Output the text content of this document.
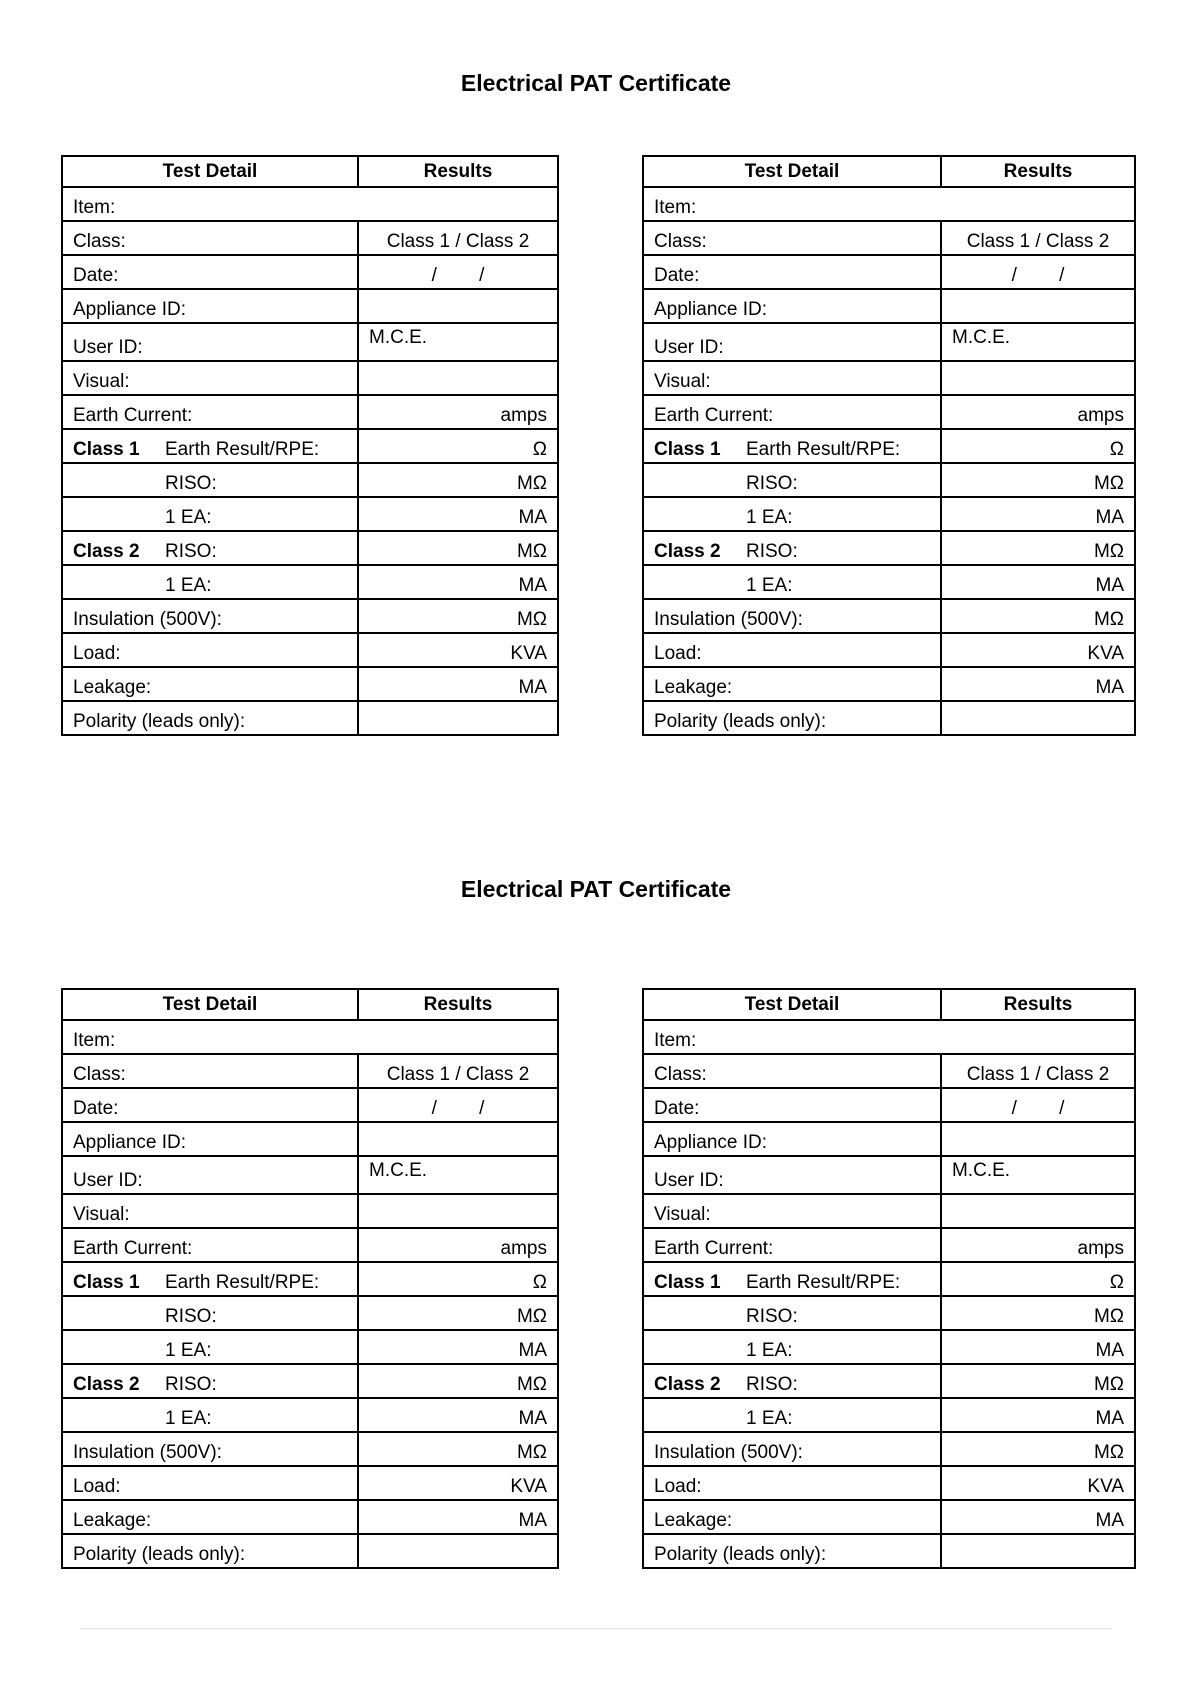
Electrical PAT Certificate
Electrical PAT Certificate
Test Detail	Results
Item:	
Class:	Class 1 / Class 2
Date:	/        /
Appliance ID:	
User ID:	M.C.E.
Visual:	
Earth Current:	amps
Class 1 Earth Result/RPE:	Ω
RISO:	MΩ
1 EA:	MA
Class 2 RISO:	MΩ
1 EA:	MA
Insulation (500V):	MΩ
Load:	KVA
Leakage:	MA
Polarity (leads only):	
Test Detail	Results
Item:	
Class:	Class 1 / Class 2
Date:	/        /
Appliance ID:	
User ID:	M.C.E.
Visual:	
Earth Current:	amps
Class 1 Earth Result/RPE:	Ω
RISO:	MΩ
1 EA:	MA
Class 2 RISO:	MΩ
1 EA:	MA
Insulation (500V):	MΩ
Load:	KVA
Leakage:	MA
Polarity (leads only):	
Test Detail	Results
Item:	
Class:	Class 1 / Class 2
Date:	/        /
Appliance ID:	
User ID:	M.C.E.
Visual:	
Earth Current:	amps
Class 1 Earth Result/RPE:	Ω
RISO:	MΩ
1 EA:	MA
Class 2 RISO:	MΩ
1 EA:	MA
Insulation (500V):	MΩ
Load:	KVA
Leakage:	MA
Polarity (leads only):	
Test Detail	Results
Item:	
Class:	Class 1 / Class 2
Date:	/        /
Appliance ID:	
User ID:	M.C.E.
Visual:	
Earth Current:	amps
Class 1 Earth Result/RPE:	Ω
RISO:	MΩ
1 EA:	MA
Class 2 RISO:	MΩ
1 EA:	MA
Insulation (500V):	MΩ
Load:	KVA
Leakage:	MA
Polarity (leads only):	
